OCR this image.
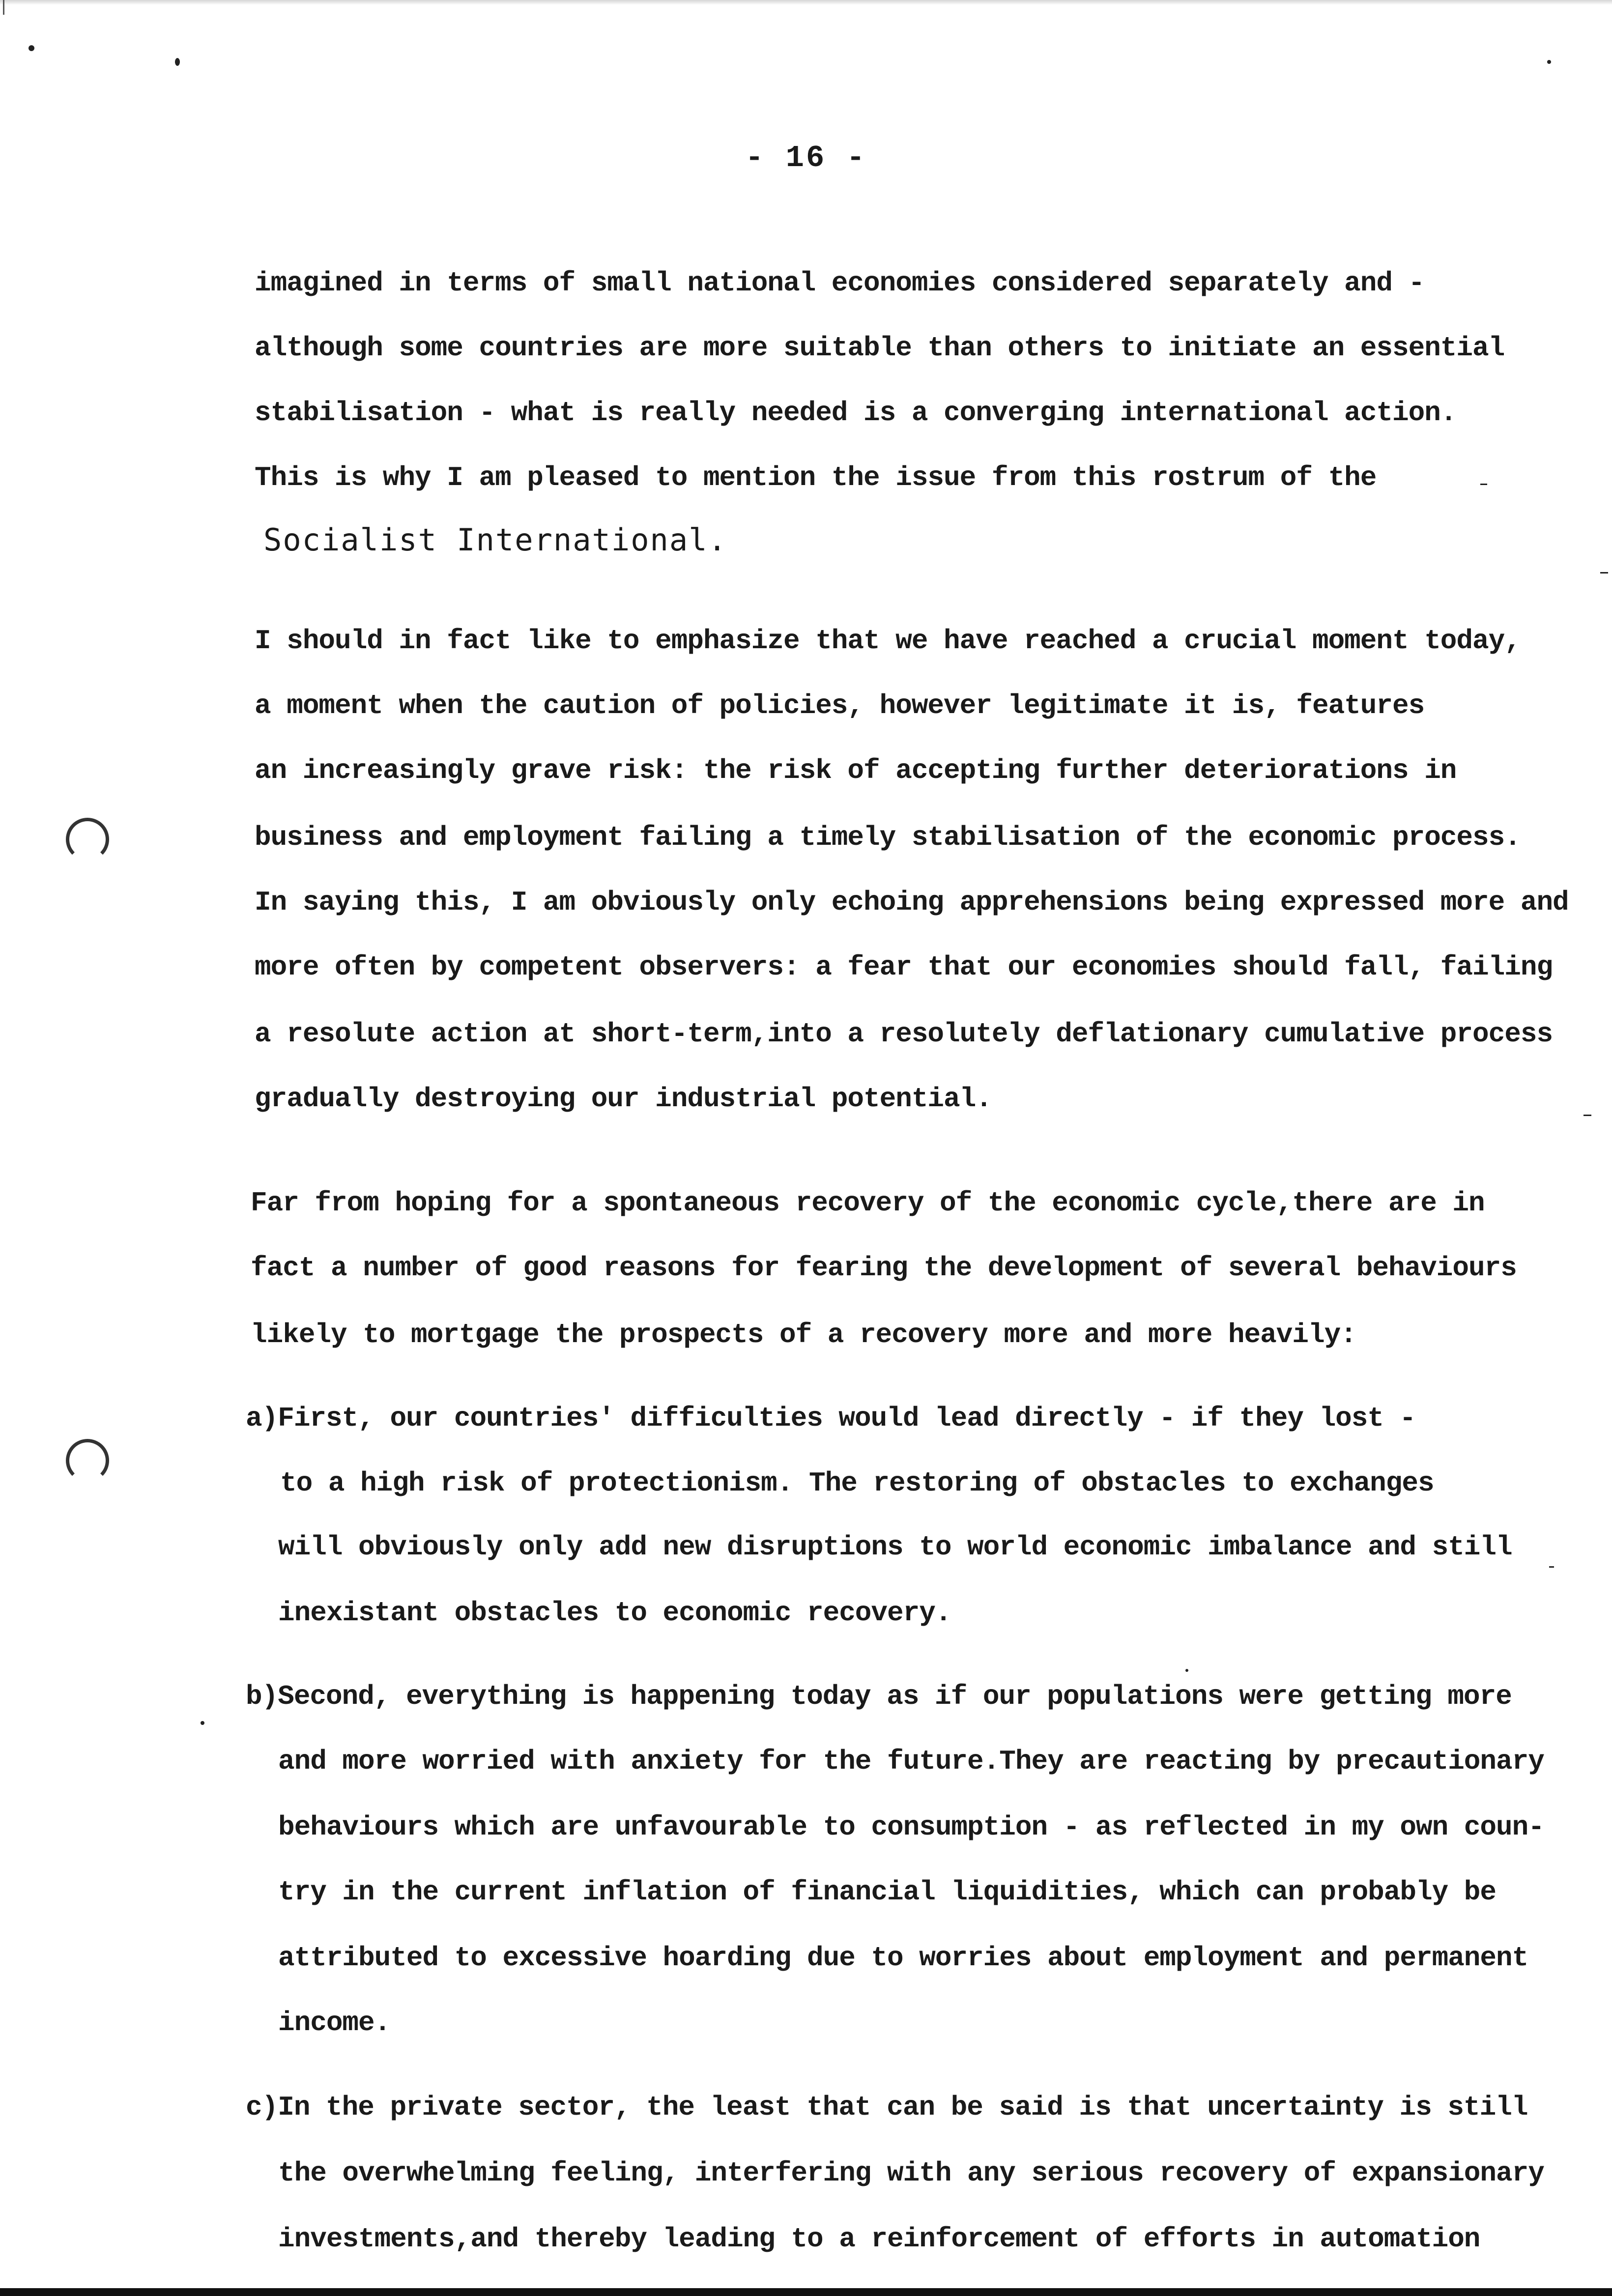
- 16 -
imagined in terms of small national economies considered separately and -
although some countries are more suitable than others to initiate an essential
stabilisation - what is really needed is a converging international action.
This is why I am pleased to mention the issue from this rostrum of the
Socialist International.
I should in fact like to emphasize that we have reached a crucial moment today,
a moment when the caution of policies, however legitimate it is, features
an increasingly grave risk: the risk of accepting further deteriorations in
business and employment failing a timely stabilisation of the economic process.
In saying this, I am obviously only echoing apprehensions being expressed more and
more often by competent observers: a fear that our economies should fall, failing
a resolute action at short-term,into a resolutely deflationary cumulative process
gradually destroying our industrial potential.
Far from hoping for a spontaneous recovery of the economic cycle,there are in
fact a number of good reasons for fearing the development of several behaviours
likely to mortgage the prospects of a recovery more and more heavily:
a)First, our countries' difficulties would lead directly - if they lost -
to a high risk of protectionism. The restoring of obstacles to exchanges
will obviously only add new disruptions to world economic imbalance and still
inexistant obstacles to economic recovery.
b)Second, everything is happening today as if our populations were getting more
and more worried with anxiety for the future.They are reacting by precautionary
behaviours which are unfavourable to consumption - as reflected in my own coun-
try in the current inflation of financial liquidities, which can probably be
attributed to excessive hoarding due to worries about employment and permanent
income.
c)In the private sector, the least that can be said is that uncertainty is still
the overwhelming feeling, interfering with any serious recovery of expansionary
investments,and thereby leading to a reinforcement of efforts in automation
